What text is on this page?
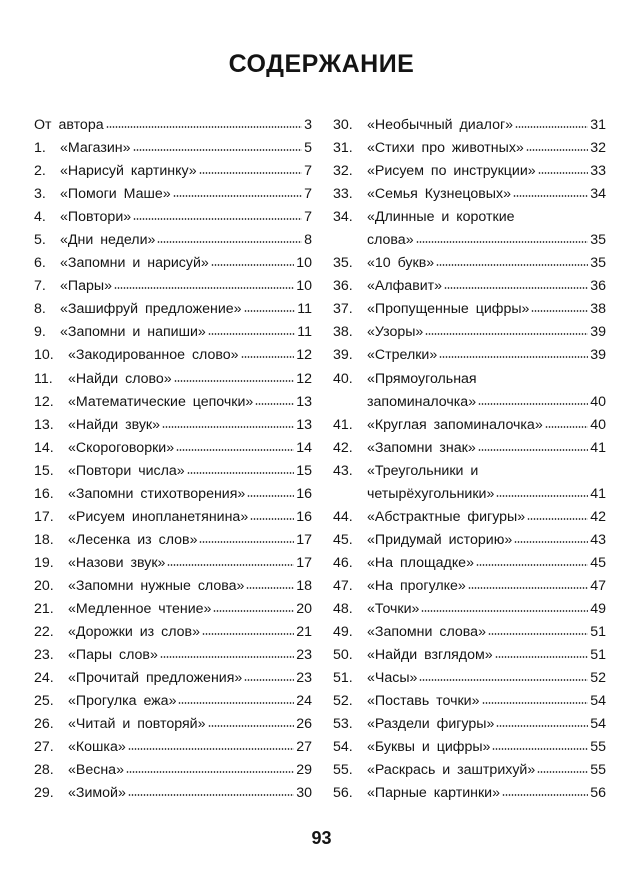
СОДЕРЖАНИЕ
От автора	3
1. «Магазин»	5
2. «Нарисуй картинку»	7
3. «Помоги Маше»	7
4. «Повтори»	7
5. «Дни недели»	8
6. «Запомни и нарисуй»	10
7. «Пары»	10
8. «Зашифруй предложение»	11
9. «Запомни и напиши»	11
10.	«Закодированное слово»	12
11.	«Найди слово»	12
12.	«Математические цепочки»	13
13.	«Найди звук»	13
14.	«Скороговорки»	14
15.	«Повтори числа»	15
16.	«Запомни стихотворения»	16
17.	«Рисуем инопланетянина»	16
18.	«Лесенка из слов»	17
19.	«Назови звук»	17
20.	«Запомни нужные слова»	18
21.	«Медленное чтение»	20
22.	«Дорожки из слов»	21
23.	«Пары слов»	23
24.	«Прочитай предложения»	23
25.	«Прогулка ежа»	24
26.	«Читай и повторяй»	26
27.	«Кошка»	27
28.	«Весна»	29
29.	«Зимой»	30
30.	«Необычный диалог»	31
31.	«Стихи про животных»	32
32.	«Рисуем по инструкции»	33
33.	«Семья Кузнецовых»	34
34.	«Длинные и короткие
слова»	35
35.	«10 букв»	35
36.	«Алфавит»	36
37.	«Пропущенные цифры»	38
38.	«Узоры»	39
39.	«Стрелки»	39
40.	«Прямоугольная
запоминалочка»	40
41.	«Круглая запоминалочка»	40
42.	«Запомни знак»	41
43.	«Треугольники и
четырёхугольники»	41
44.	«Абстрактные фигуры»	42
45.	«Придумай историю»	43
46.	«На площадке»	45
47.	«На прогулке»	47
48.	«Точки»	49
49.	«Запомни слова»	51
50.	«Найди взглядом»	51
51.	«Часы»	52
52.	«Поставь точки»	54
53.	«Раздели фигуры»	54
54.	«Буквы и цифры»	55
55.	«Раскрась и заштрихуй»	55
56.	«Парные картинки»	56
93
